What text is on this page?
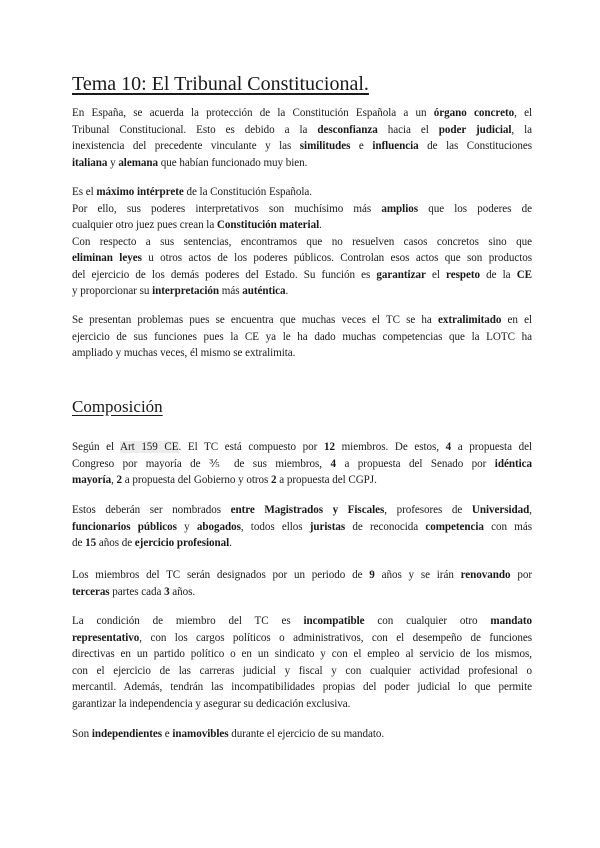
Tema 10: El Tribunal Constitucional.
Composición
En España, se acuerda la protección de la Constitución Española a un órgano concreto, el
Tribunal Constitucional. Esto es debido a la desconfianza hacia el poder judicial, la
inexistencia del precedente vinculante y las similitudes e influencia de las Constituciones
italiana y alemana que habían funcionado muy bien.
Es el máximo intérprete de la Constitución Española.
Por ello, sus poderes interpretativos son muchísimo más amplios que los poderes de
cualquier otro juez pues crean la Constitución material.
Con respecto a sus sentencias, encontramos que no resuelven casos concretos sino que
eliminan leyes u otros actos de los poderes públicos. Controlan esos actos que son productos
del ejercicio de los demás poderes del Estado. Su función es garantizar el respeto de la CE
y proporcionar su interpretación más auténtica.
Se presentan problemas pues se encuentra que muchas veces el TC se ha extralimitado en el
ejercicio de sus funciones pues la CE ya le ha dado muchas competencias que la LOTC ha
ampliado y muchas veces, él mismo se extralimita.
Según el Art 159 CE. El TC está compuesto por 12 miembros. De estos, 4 a propuesta del
Congreso por mayoría de ⅗ de sus miembros, 4 a propuesta del Senado por idéntica
mayoría, 2 a propuesta del Gobierno y otros 2 a propuesta del CGPJ.
Estos deberán ser nombrados entre Magistrados y Fiscales, profesores de Universidad,
funcionarios públicos y abogados, todos ellos juristas de reconocida competencia con más
de 15 años de ejercicio profesional.
Los miembros del TC serán designados por un periodo de 9 años y se irán renovando por
terceras partes cada 3 años.
La condición de miembro del TC es incompatible con cualquier otro mandato
representativo, con los cargos políticos o administrativos, con el desempeño de funciones
directivas en un partido político o en un sindicato y con el empleo al servicio de los mismos,
con el ejercicio de las carreras judicial y fiscal y con cualquier actividad profesional o
mercantil. Además, tendrán las incompatibilidades propias del poder judicial lo que permite
garantizar la independencia y asegurar su dedicación exclusiva.
Son independientes e inamovibles durante el ejercicio de su mandato.
